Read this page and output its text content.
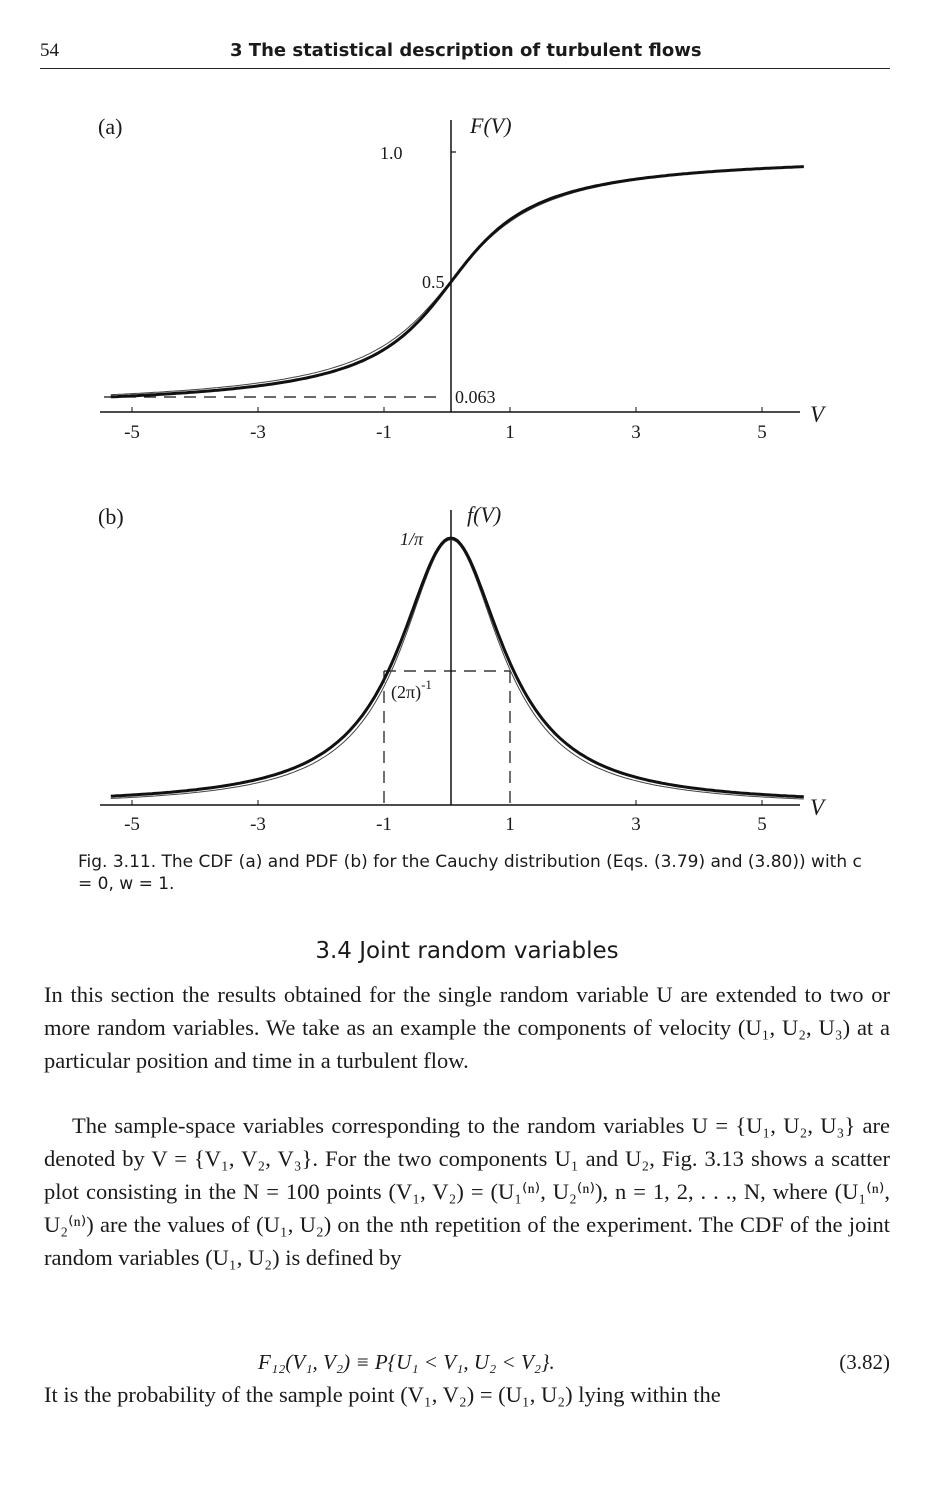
54	3 The statistical description of turbulent flows
(a)	F(V)
V
1.0
0.5
0.063
-5	-3	-1	1	3	5
(b)	f(V)
V
1/π
$(2\pi)^{-1}$
-5	-3	-1	1	3	5
Fig. 3.11. The CDF (a) and PDF (b) for the Cauchy distribution (Eqs. (3.79) and (3.80)) with c = 0, w = 1.
3.4 Joint random variables
In this section the results obtained for the single random variable U are extended to two or more random variables. We take as an example the components of velocity (U₁, U₂, U₃) at a particular position and time in a turbulent flow.
The sample-space variables corresponding to the random variables U = {U₁, U₂, U₃} are denoted by V = {V₁, V₂, V₃}. For the two components U₁ and U₂, Fig. 3.13 shows a scatter plot consisting in the N = 100 points (V₁, V₂) = (U₁⁽ⁿ⁾, U₂⁽ⁿ⁾), n = 1, 2, . . ., N, where (U₁⁽ⁿ⁾, U₂⁽ⁿ⁾) are the values of (U₁, U₂) on the nth repetition of the experiment. The CDF of the joint random variables (U₁, U₂) is defined by
F₁₂(V₁, V₂) ≡ P{U₁ < V₁, U₂ < V₂}.	(3.82)
It is the probability of the sample point (V₁, V₂) = (U₁, U₂) lying within the
